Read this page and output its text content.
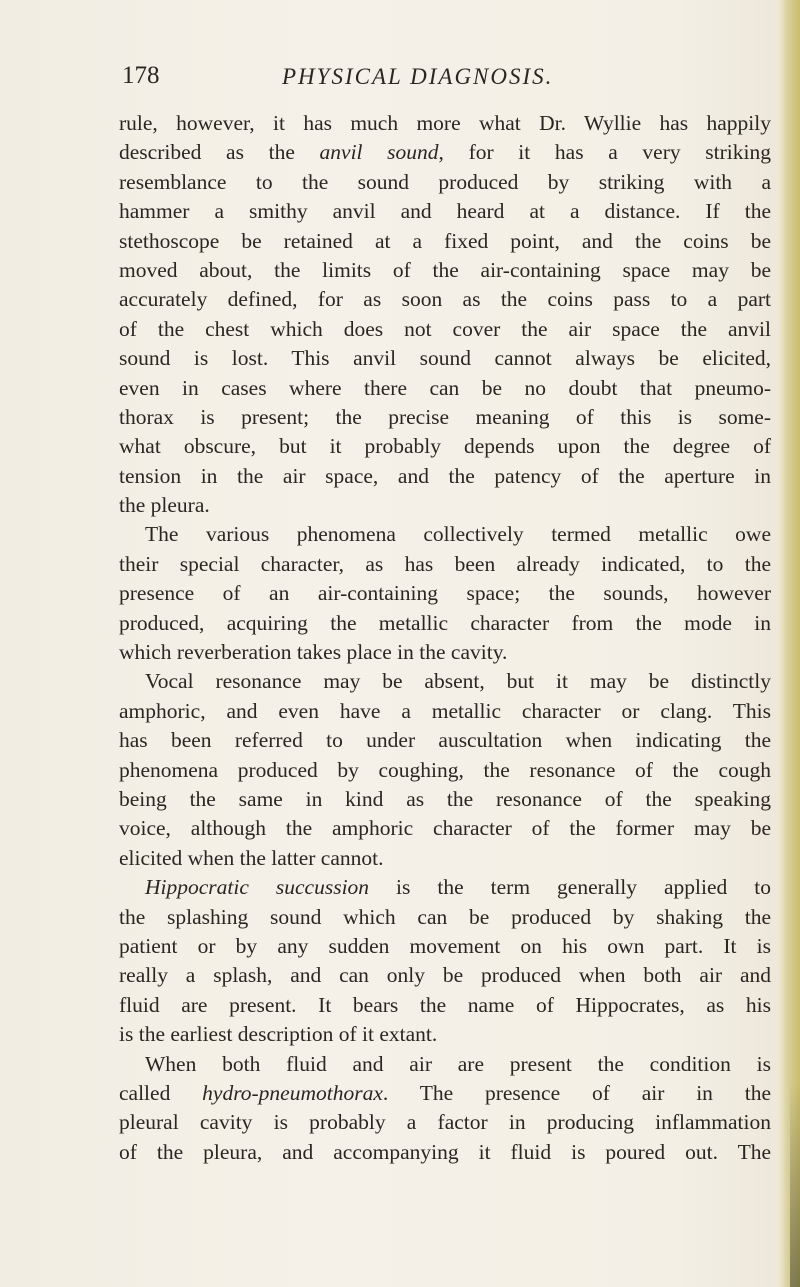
178	PHYSICAL DIAGNOSIS.
rule, however, it has much more what Dr. Wyllie has happily
described as the anvil sound, for it has a very striking
resemblance to the sound produced by striking with a
hammer a smithy anvil and heard at a distance. If the
stethoscope be retained at a fixed point, and the coins be
moved about, the limits of the air-containing space may be
accurately defined, for as soon as the coins pass to a part
of the chest which does not cover the air space the anvil
sound is lost. This anvil sound cannot always be elicited,
even in cases where there can be no doubt that pneumo-
thorax is present; the precise meaning of this is some-
what obscure, but it probably depends upon the degree of
tension in the air space, and the patency of the aperture in
the pleura.
The various phenomena collectively termed metallic owe
their special character, as has been already indicated, to the
presence of an air-containing space; the sounds, however
produced, acquiring the metallic character from the mode in
which reverberation takes place in the cavity.
Vocal resonance may be absent, but it may be distinctly
amphoric, and even have a metallic character or clang. This
has been referred to under auscultation when indicating the
phenomena produced by coughing, the resonance of the cough
being the same in kind as the resonance of the speaking
voice, although the amphoric character of the former may be
elicited when the latter cannot.
Hippocratic succussion is the term generally applied to
the splashing sound which can be produced by shaking the
patient or by any sudden movement on his own part. It is
really a splash, and can only be produced when both air and
fluid are present. It bears the name of Hippocrates, as his
is the earliest description of it extant.
When both fluid and air are present the condition is
called hydro-pneumothorax. The presence of air in the
pleural cavity is probably a factor in producing inflammation
of the pleura, and accompanying it fluid is poured out. The
